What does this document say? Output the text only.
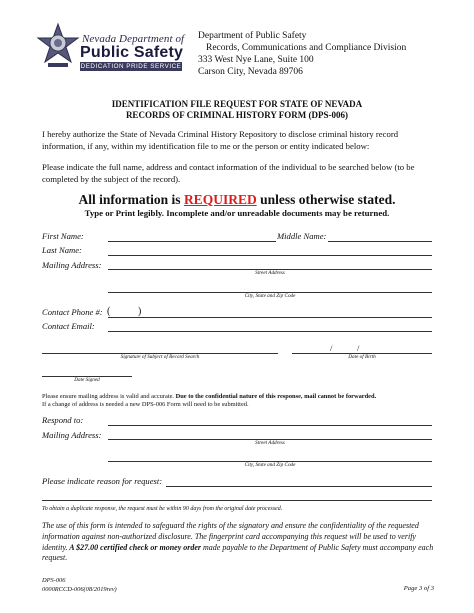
Nevada Department of
Public Safety
DEDICATION PRIDE SERVICE
Department of Public Safety
Records, Communications and Compliance Division
333 West Nye Lane, Suite 100
Carson City, Nevada 89706
IDENTIFICATION FILE REQUEST FOR STATE OF NEVADA
RECORDS OF CRIMINAL HISTORY FORM (DPS-006)
I hereby authorize the State of Nevada Criminal History Repository to disclose criminal history record information, if any, within my identification file to me or the person or entity indicated below:
Please indicate the full name, address and contact information of the individual to be searched below (to be completed by the subject of the record).
All information is REQUIRED unless otherwise stated.
Type or Print legibly. Incomplete and/or unreadable documents may be returned.
First Name:	Middle Name:
Last Name:
Mailing Address:
Street Address
City, State and Zip Code
Contact Phone #: (	)
Contact Email:
Signature of Subject of Record Search
/	/
Date of Birth
Date Signed
Please ensure mailing address is valid and accurate. Due to the confidential nature of this response, mail cannot be forwarded.
If a change of address is needed a new DPS-006 Form will need to be submitted.
Respond to:
Mailing Address:
Street Address
City, State and Zip Code
Please indicate reason for request:
To obtain a duplicate response, the request must be within 90 days from the original date processed.
The use of this form is intended to safeguard the rights of the signatory and ensure the confidentiality of the requested information against non-authorized disclosure. The fingerprint card accompanying this request will be used to verify identity. A $27.00 certified check or money order made payable to the Department of Public Safety must accompany each request.
DPS-006
0000RCCD-006(08/2019rev)	Page 3 of 3
